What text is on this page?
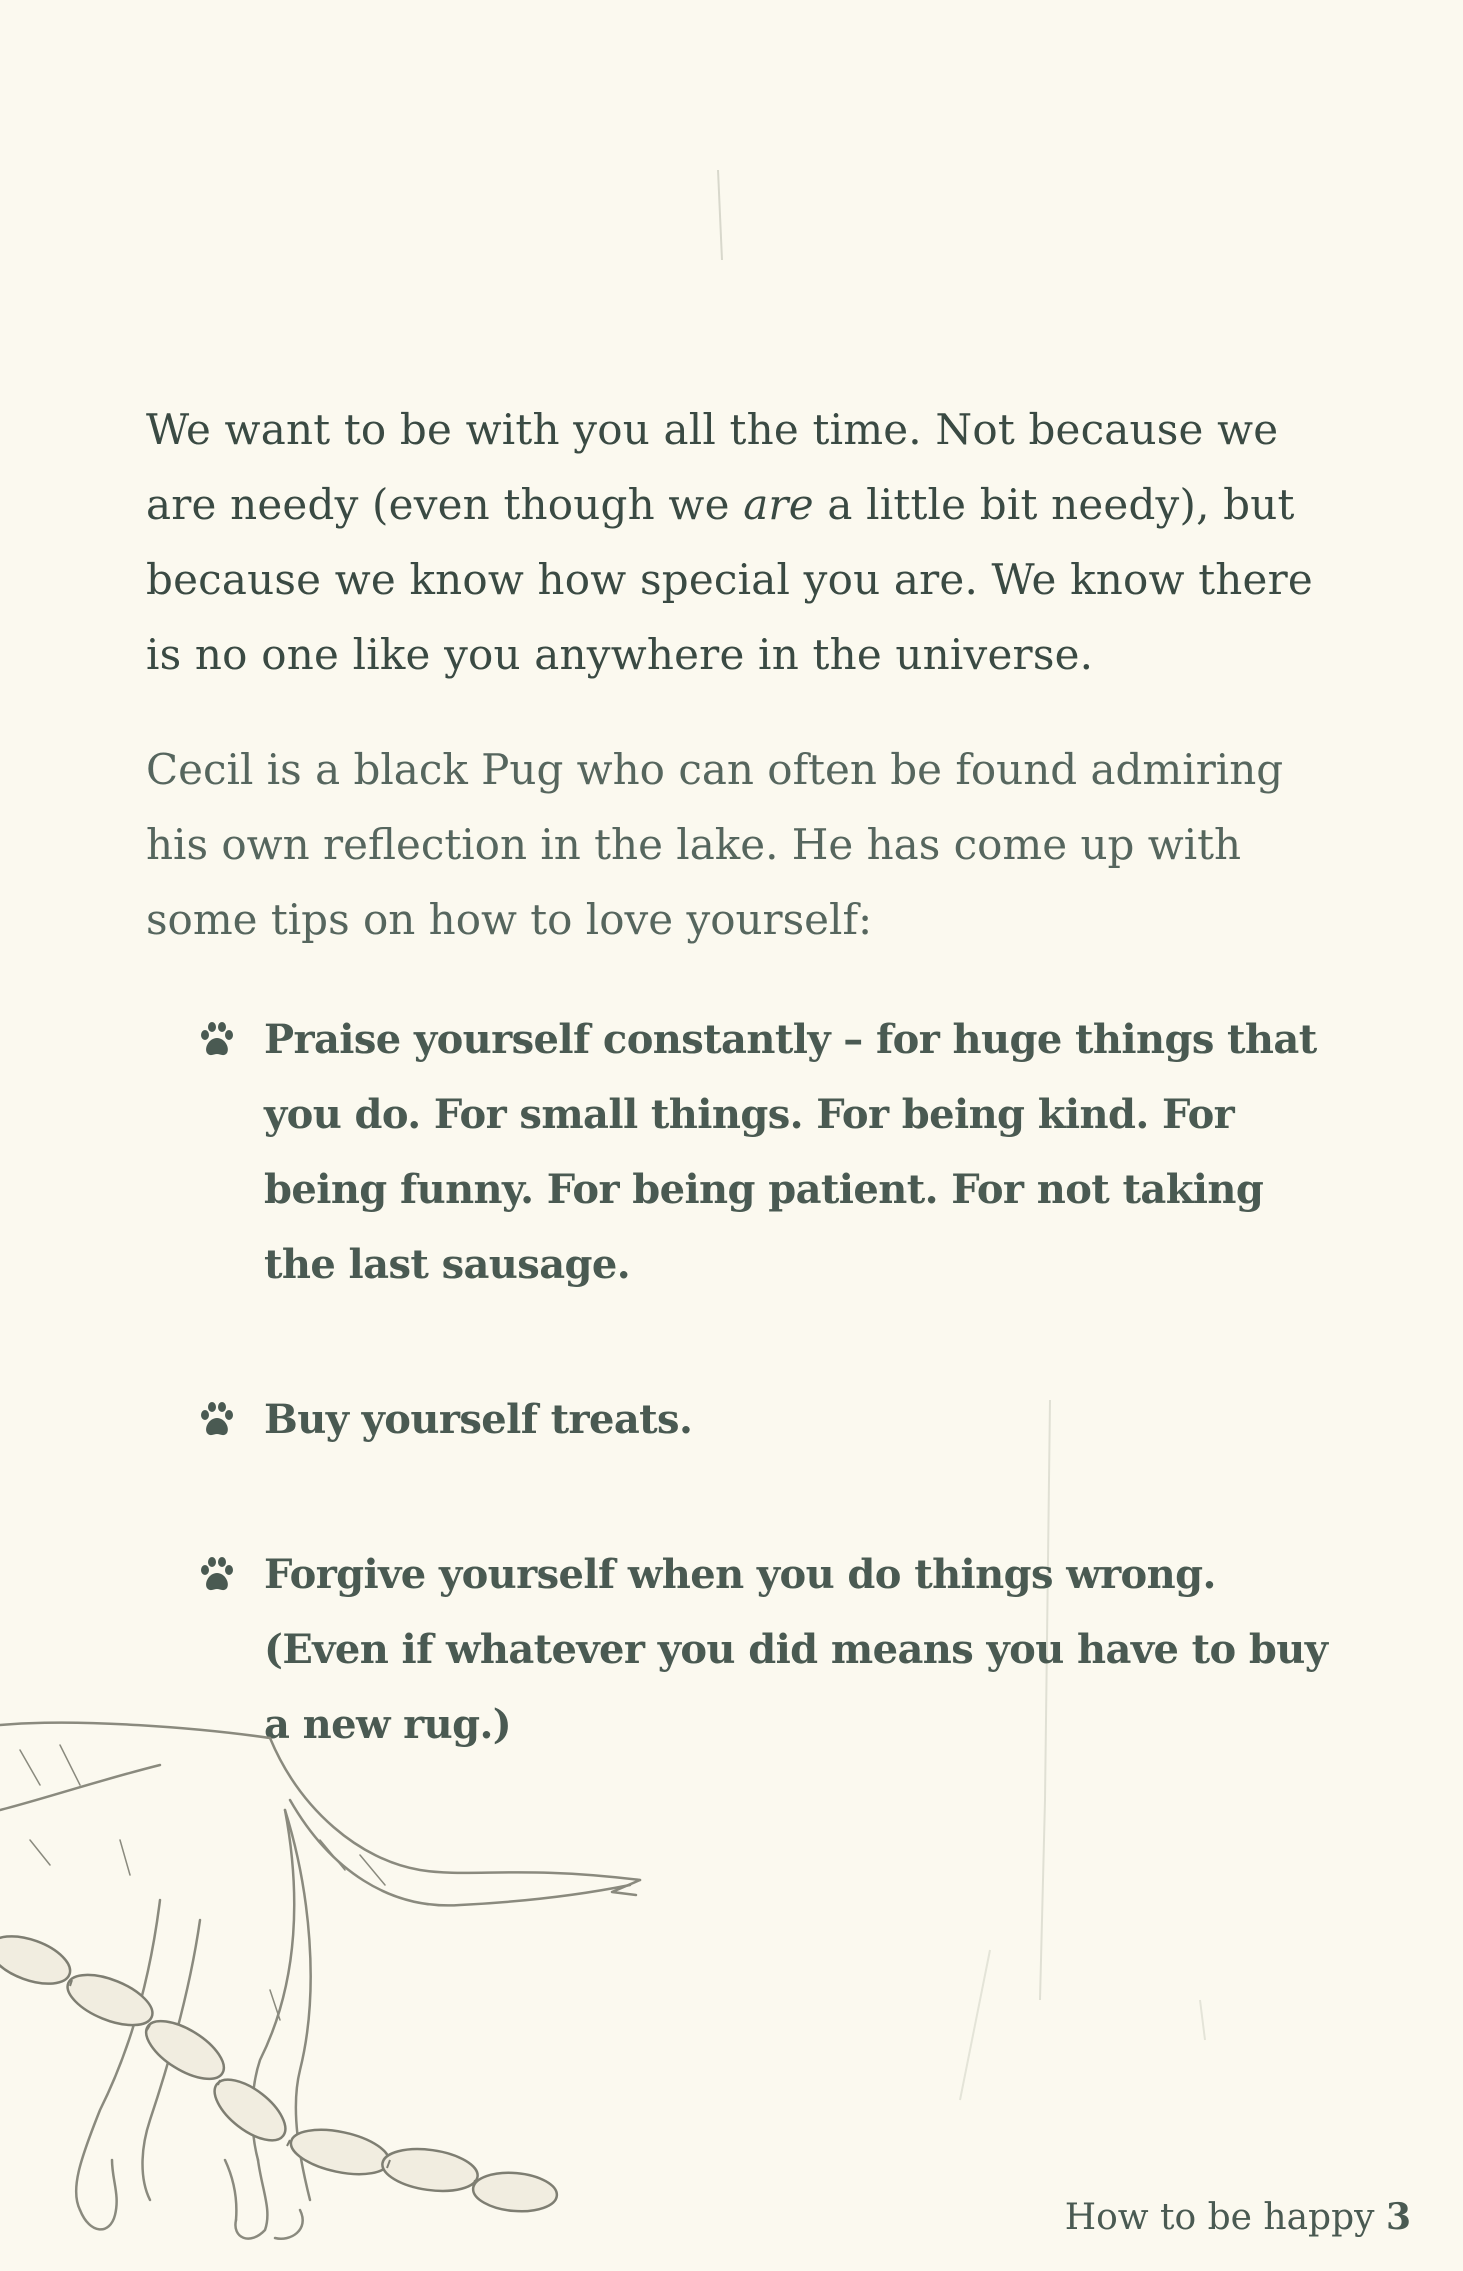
We want to be with you all the time. Not because we are needy (even though we are a little bit needy), but because we know how special you are. We know there is no one like you anywhere in the universe.

Cecil is a black Pug who can often be found admiring his own reflection in the lake. He has come up with some tips on how to love yourself:

Praise yourself constantly – for huge things that you do. For small things. For being kind. For being funny. For being patient. For not taking the last sausage.
Buy yourself treats.
Forgive yourself when you do things wrong. (Even if whatever you did means you have to buy a new rug.)
How to be happy 3
